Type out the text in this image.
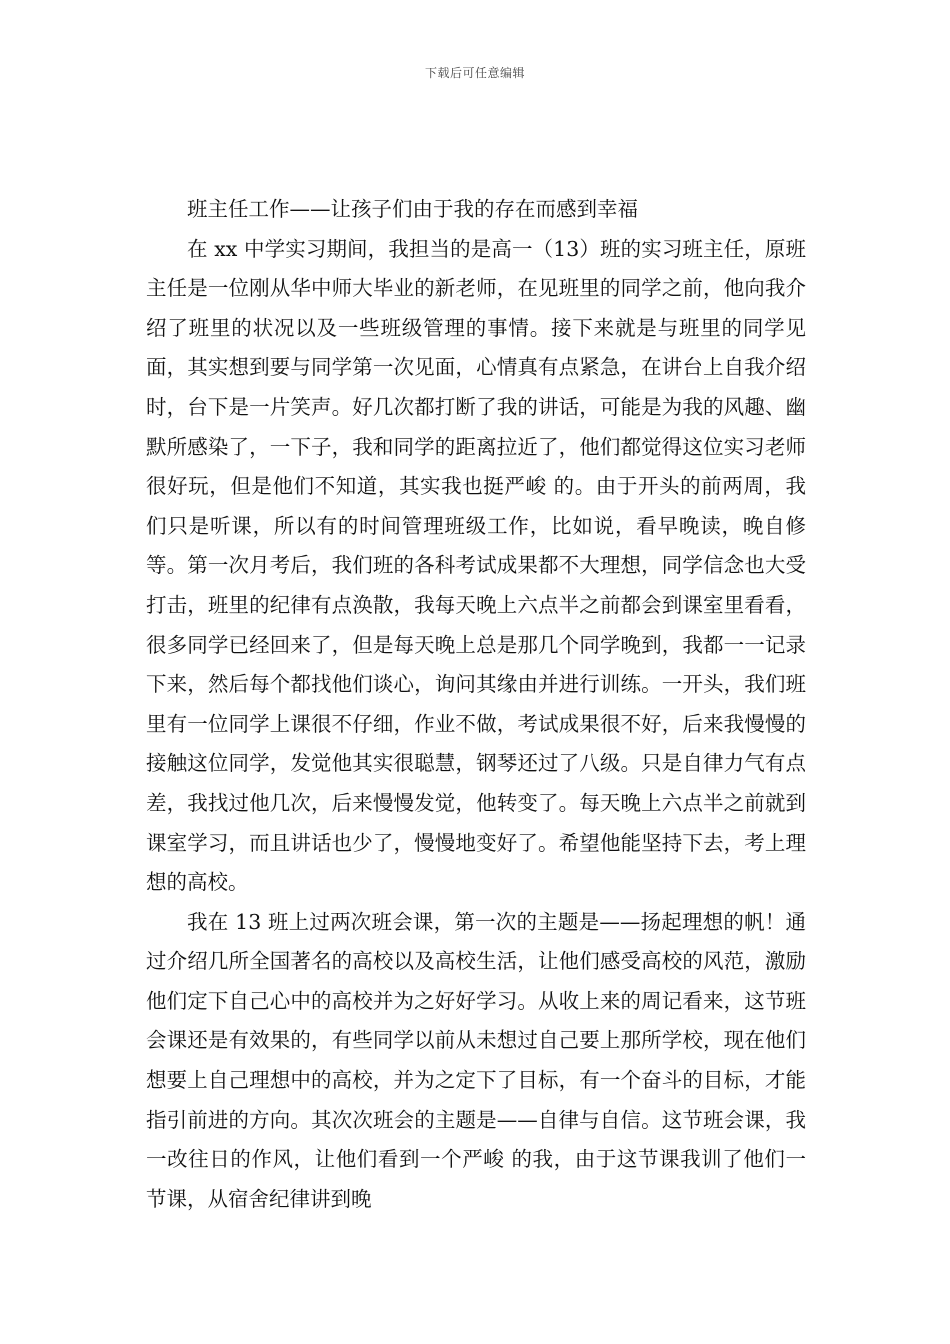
下载后可任意编辑

班主任工作——让孩子们由于我的存在而感到幸福

在 xx 中学实习期间，我担当的是高一（13）班的实习班主任，原班主任是一位刚从华中师大毕业的新老师，在见班里的同学之前，他向我介绍了班里的状况以及一些班级管理的事情。接下来就是与班里的同学见面，其实想到要与同学第一次见面，心情真有点紧急，在讲台上自我介绍时，台下是一片笑声。好几次都打断了我的讲话，可能是为我的风趣、幽默所感染了，一下子，我和同学的距离拉近了，他们都觉得这位实习老师很好玩，但是他们不知道，其实我也挺严峻 的。由于开头的前两周，我们只是听课，所以有的时间管理班级工作，比如说，看早晚读，晚自修等。第一次月考后，我们班的各科考试成果都不大理想，同学信念也大受打击，班里的纪律有点涣散，我每天晚上六点半之前都会到课室里看看，很多同学已经回来了，但是每天晚上总是那几个同学晚到，我都一一记录下来，然后每个都找他们谈心，询问其缘由并进行训练。一开头，我们班里有一位同学上课很不仔细，作业不做，考试成果很不好，后来我慢慢的接触这位同学，发觉他其实很聪慧，钢琴还过了八级。只是自律力气有点差，我找过他几次，后来慢慢发觉，他转变了。每天晚上六点半之前就到课室学习，而且讲话也少了，慢慢地变好了。希望他能坚持下去，考上理想的高校。

我在 13 班上过两次班会课，第一次的主题是——扬起理想的帆！通过介绍几所全国著名的高校以及高校生活，让他们感受高校的风范，激励他们定下自己心中的高校并为之好好学习。从收上来的周记看来，这节班会课还是有效果的，有些同学以前从未想过自己要上那所学校，现在他们想要上自己理想中的高校，并为之定下了目标，有一个奋斗的目标，才能指引前进的方向。其次次班会的主题是——自律与自信。这节班会课，我一改往日的作风，让他们看到一个严峻 的我，由于这节课我训了他们一节课，从宿舍纪律讲到晚
